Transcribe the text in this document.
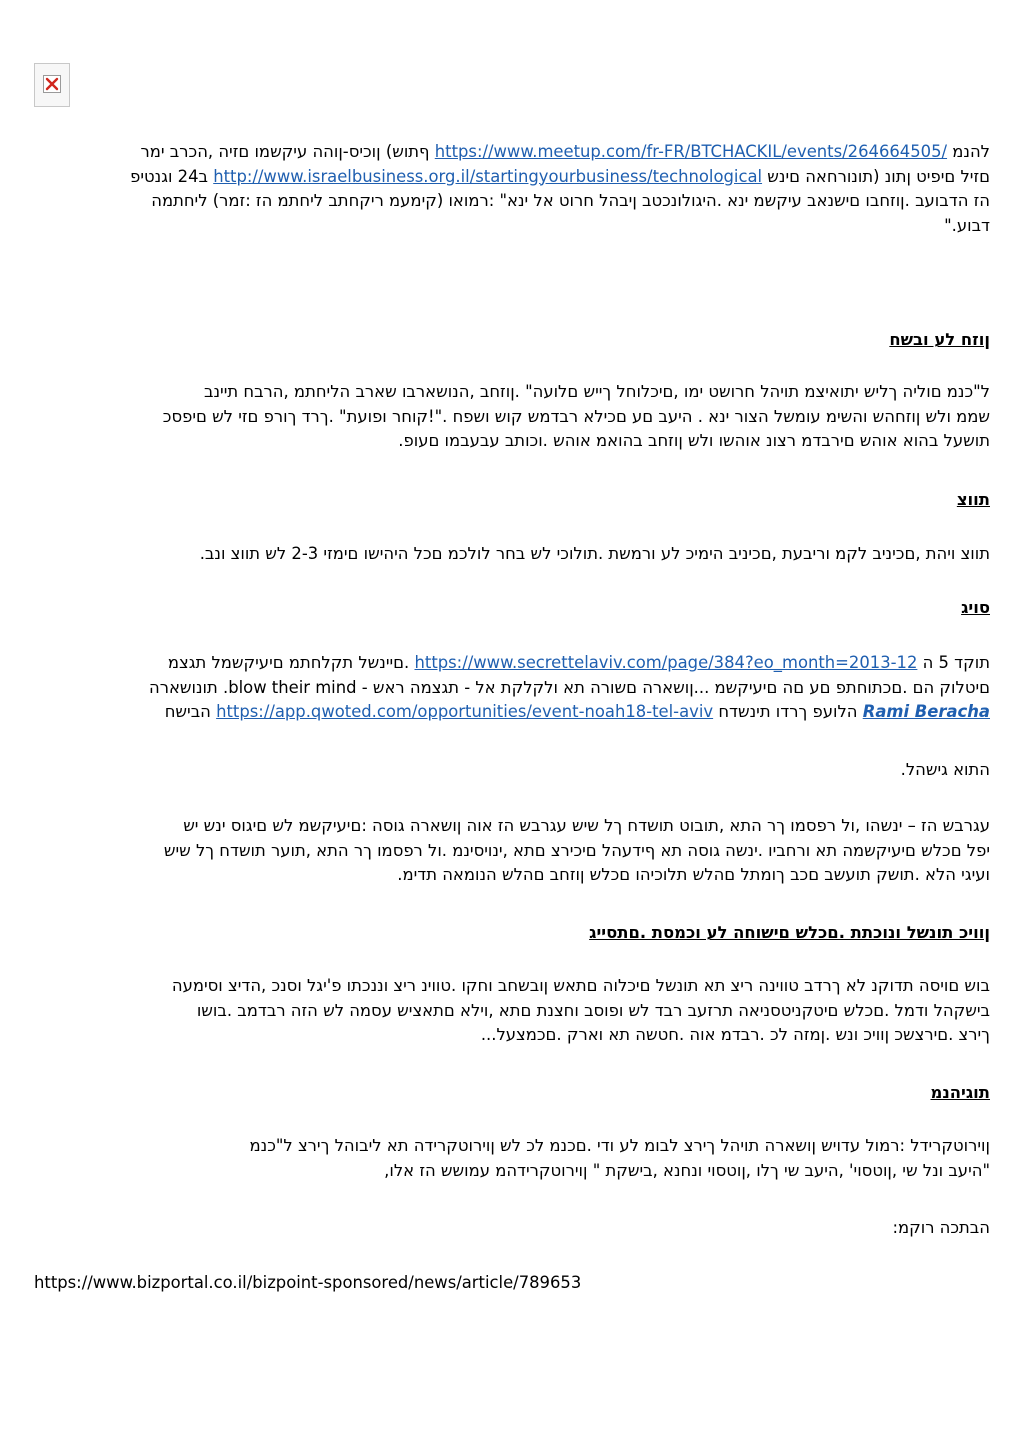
להנמ https://www.meetup.com/fr-FR/BTCHACKIL/events/264664505/ ףתוש) ןוכיס-ןוהה עיקשמו םזיה ,הכרב ימר

םזיל םיפיט ןתונ (תונורחאה םינש http://www.israelbusiness.org.il/startingyourbusiness/technological ב24 וגנטיפ

הז הדבועב .ןוזחבו םישנאב עיקשמ ינא .היגולונכטב ןיבהל חרוט אל ינא" :רמואו (קימעמ ריקחתב ליחתמ הז :זמר) ליחתמה

דבוע."

ןוזח לע ובשח

ל"כנמ םוליה ךליש יתואיצמ תויהל חרושט ימו ,םיכלוחל ךייש םלועה" .ןוזחב ,הנושארבו שארב הליחתמ ,הרבח תיינב

שממ ולש ןוזחהש והשימ עומשל הצור ינא . היעב םע םכילא רבדמש קוש ושפח ."!קוחר ופועת" .ךרד ךורפ םזי לש םיפסכ

תושעל בהוא אוהש םירבדמ רצונ אוהשו ולש ןוזחב בהואמ אוהש .וכותב עבעבמו םעופ.

תווצ

תווצ ויהת ,םכיניב לקמ וריבעת ,םכיניב הימיכ לע ורמשת .תולוכי לש בחר לולכמ םכל היהישו םימזי 2-3 לש תווצ ונב.

סויג

תוקד 5 ה https://www.secrettelaviv.com/page/384?eo_month=2013-12 .םיינשל תקלחתמ םיעיקשמל תגצמ

םיטלוק הם .םכתוחתפ םע םה םיעיקשמ ...ןושארה םשורה תא ולקלקת אל - תגצמה ראש - blow their mind. תונושארה

Rami Beracha הלועפ ךרדו תינשדח https://app.qwoted.com/opportunities/event-noah18-tel-aviv הבישח

התוא גישהל.

עגרבש הז – ינשהו ,ול רפסמו ךר התא ,תובוט תושדח ךל שיש עגרבש הז אוה ןושארה גוסה :םיעיקשמ לש םיגוס ינש יש

יפל םכלש םיעיקשמה תא ורחביו .ינשה גוסה תא ףידעהל םיכירצ םתא ,ינויסינמ .ול רפסמו ךר התא ,תוער תושדח ךל שיש

ועיגי הלא .תושק תועשב םכב ךומתל םהלש תלוכיהו םכלש ןוזחב םהלש הנומאה תדימ.

ןוויכ תונשל ונוכתת .םכלש םישוחה לע וכמסת .םתסייג

בוש םויסה תדוקנ לא ךרדב טווינה ריצ תא תונשל םיכלוה םתאש ןובשחב וחקו .טווינ ריצ וננכתו פ'יגל וסנכ ,הדיצ וסימעה

בישקהל ודמל .םכלש םיטקניטסניאה תרזעב רבד לש ופוסב וחצנת םתא ,וילא םתאציש עסמה לש הזה רבדמב .בושו

ךירצ .םירצשכ ןוויכ ונש .ןמזה לכ .רבדמ אוה .חטשה תא וארק .םכמצעל...

תוגיהנמ

ןוירוטקרידל :רמול עדויש ןושארה תויהל ךירצ לבומ לע ודי .םכנמ לכ לש ןוירוטקרידה תא ליבוהל ךירצ ל"כנמ

"היעב ונל שי ,ןוטסוי' ,היעב שי ךלו ,ןוטסוי ונחנא ,בישקת " ןוירוטקרידהמ עמושש הז אלו,

הבתכה רוקמ:

https://www.bizportal.co.il/bizpoint-sponsored/news/article/789653
